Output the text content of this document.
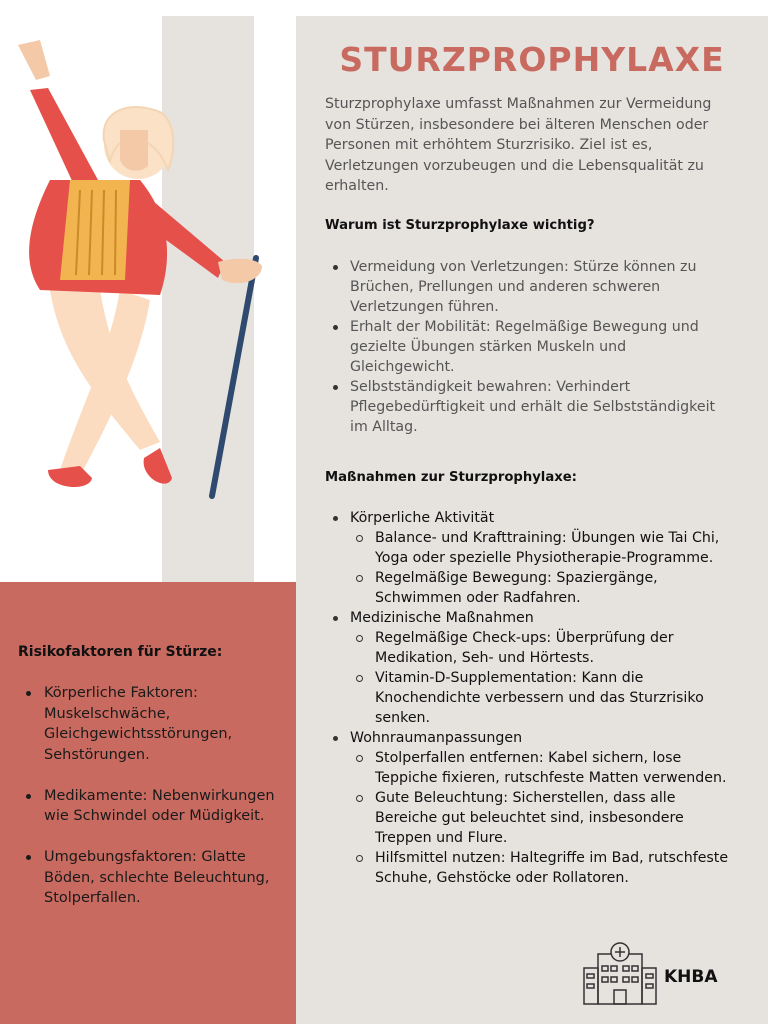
STURZPROPHYLAXE

Sturzprophylaxe umfasst Maßnahmen zur Vermeidung von Stürzen, insbesondere bei älteren Menschen oder Personen mit erhöhtem Sturzrisiko. Ziel ist es, Verletzungen vorzubeugen und die Lebensqualität zu erhalten.

Warum ist Sturzprophylaxe wichtig?
Vermeidung von Verletzungen: Stürze können zu Brüchen, Prellungen und anderen schweren Verletzungen führen.
Erhalt der Mobilität: Regelmäßige Bewegung und gezielte Übungen stärken Muskeln und Gleichgewicht.
Selbstständigkeit bewahren: Verhindert Pflegebedürftigkeit und erhält die Selbstständigkeit im Alltag.
Maßnahmen zur Sturzprophylaxe:
Körperliche Aktivität
Balance- und Krafttraining: Übungen wie Tai Chi, Yoga oder spezielle Physiotherapie-Programme.
Regelmäßige Bewegung: Spaziergänge, Schwimmen oder Radfahren.
Medizinische Maßnahmen
Regelmäßige Check-ups: Überprüfung der Medikation, Seh- und Hörtests.
Vitamin-D-Supplementation: Kann die Knochendichte verbessern und das Sturzrisiko senken.
Wohnraumanpassungen
Stolperfallen entfernen: Kabel sichern, lose Teppiche fixieren, rutschfeste Matten verwenden.
Gute Beleuchtung: Sicherstellen, dass alle Bereiche gut beleuchtet sind, insbesondere Treppen und Flure.
Hilfsmittel nutzen: Haltegriffe im Bad, rutschfeste Schuhe, Gehstöcke oder Rollatoren.
Risikofaktoren für Stürze:
Körperliche Faktoren: Muskelschwäche, Gleichgewichtsstörungen, Sehstörungen.
Medikamente: Nebenwirkungen wie Schwindel oder Müdigkeit.
Umgebungsfaktoren: Glatte Böden, schlechte Beleuchtung, Stolperfallen.
KHBA
